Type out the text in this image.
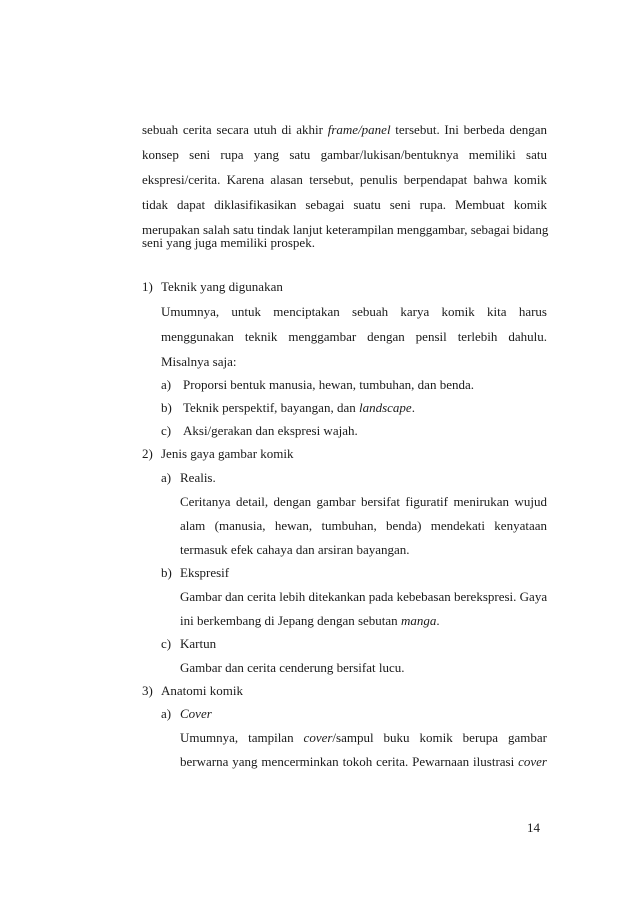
sebuah cerita secara utuh di akhir frame/panel tersebut. Ini berbeda dengan
konsep seni rupa yang satu gambar/lukisan/bentuknya memiliki satu
ekspresi/cerita. Karena alasan tersebut, penulis berpendapat bahwa komik
tidak dapat diklasifikasikan sebagai suatu seni rupa. Membuat komik
merupakan salah satu tindak lanjut keterampilan menggambar, sebagai bidang
seni yang juga memiliki prospek.
1) Teknik yang digunakan
Umumnya, untuk menciptakan sebuah karya komik kita harus
menggunakan teknik menggambar dengan pensil terlebih dahulu.
Misalnya saja:
a) Proporsi bentuk manusia, hewan, tumbuhan, dan benda.
b) Teknik perspektif, bayangan, dan landscape.
c) Aksi/gerakan dan ekspresi wajah.
2) Jenis gaya gambar komik
a) Realis.
Ceritanya detail, dengan gambar bersifat figuratif menirukan wujud
alam (manusia, hewan, tumbuhan, benda) mendekati kenyataan
termasuk efek cahaya dan arsiran bayangan.
b) Ekspresif
Gambar dan cerita lebih ditekankan pada kebebasan berekspresi. Gaya
ini berkembang di Jepang dengan sebutan manga.
c) Kartun
Gambar dan cerita cenderung bersifat lucu.
3) Anatomi komik
a) Cover
Umumnya, tampilan cover/sampul buku komik berupa gambar
berwarna yang mencerminkan tokoh cerita. Pewarnaan ilustrasi cover
14
